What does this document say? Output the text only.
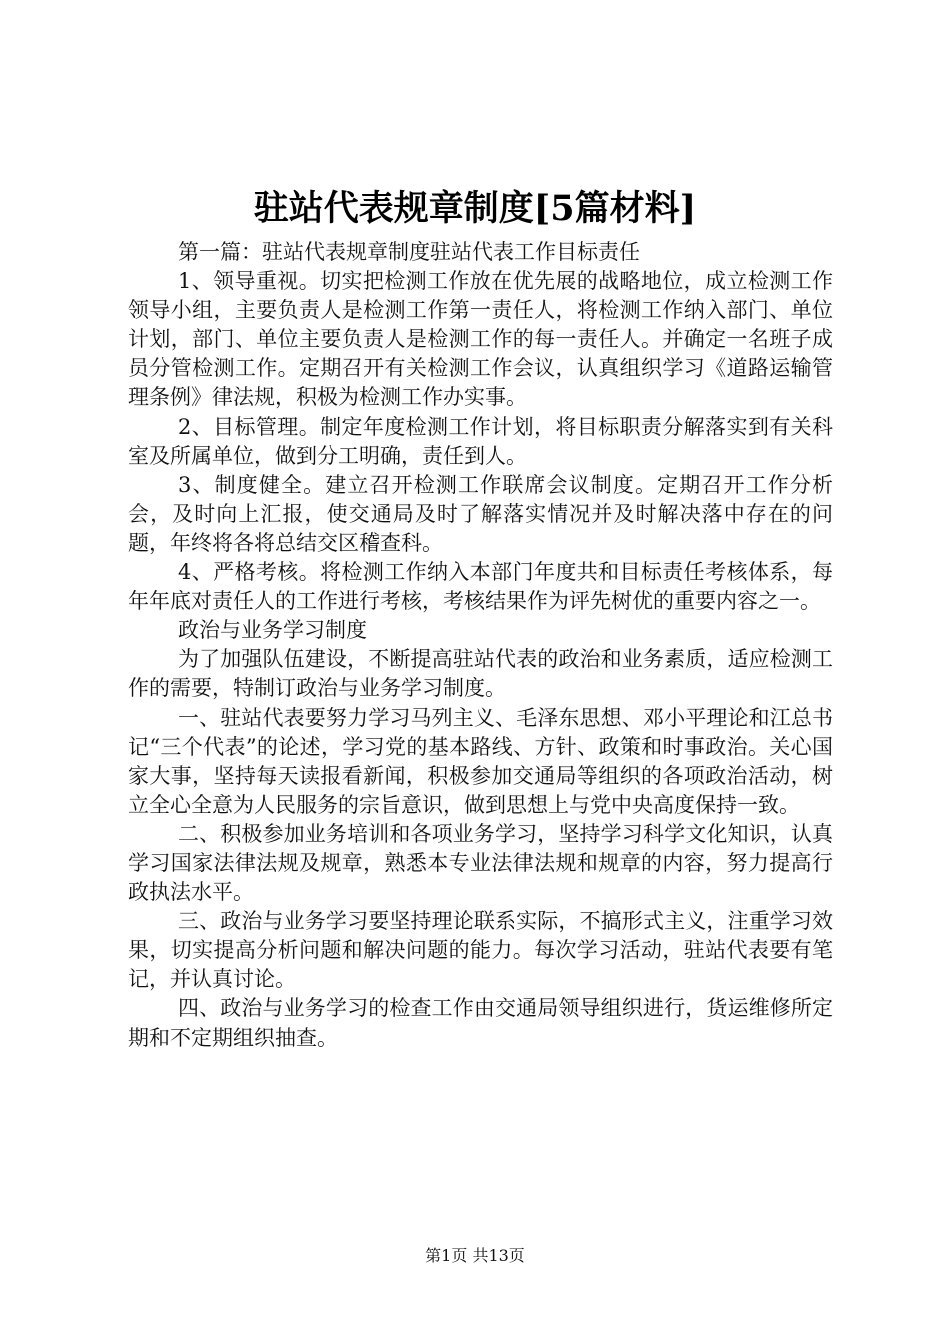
驻站代表规章制度[5篇材料]

第一篇：驻站代表规章制度驻站代表工作目标责任

1、领导重视。切实把检测工作放在优先展的战略地位，成立检测工作领导小组，主要负责人是检测工作第一责任人，将检测工作纳入部门、单位计划，部门、单位主要负责人是检测工作的每一责任人。并确定一名班子成员分管检测工作。定期召开有关检测工作会议，认真组织学习《道路运输管理条例》律法规，积极为检测工作办实事。

2、目标管理。制定年度检测工作计划，将目标职责分解落实到有关科室及所属单位，做到分工明确，责任到人。

3、制度健全。建立召开检测工作联席会议制度。定期召开工作分析会，及时向上汇报，使交通局及时了解落实情况并及时解决落中存在的问题，年终将各将总结交区稽查科。

4、严格考核。将检测工作纳入本部门年度共和目标责任考核体系，每年年底对责任人的工作进行考核，考核结果作为评先树优的重要内容之一。

政治与业务学习制度

为了加强队伍建设，不断提高驻站代表的政治和业务素质，适应检测工作的需要，特制订政治与业务学习制度。

一、驻站代表要努力学习马列主义、毛泽东思想、邓小平理论和江总书记“三个代表”的论述，学习党的基本路线、方针、政策和时事政治。关心国家大事，坚持每天读报看新闻，积极参加交通局等组织的各项政治活动，树立全心全意为人民服务的宗旨意识，做到思想上与党中央高度保持一致。

二、积极参加业务培训和各项业务学习，坚持学习科学文化知识，认真学习国家法律法规及规章，熟悉本专业法律法规和规章的内容，努力提高行政执法水平。

三、政治与业务学习要坚持理论联系实际，不搞形式主义，注重学习效果，切实提高分析问题和解决问题的能力。每次学习活动，驻站代表要有笔记，并认真讨论。

四、政治与业务学习的检查工作由交通局领导组织进行，货运维修所定期和不定期组织抽查。

第1页 共13页
